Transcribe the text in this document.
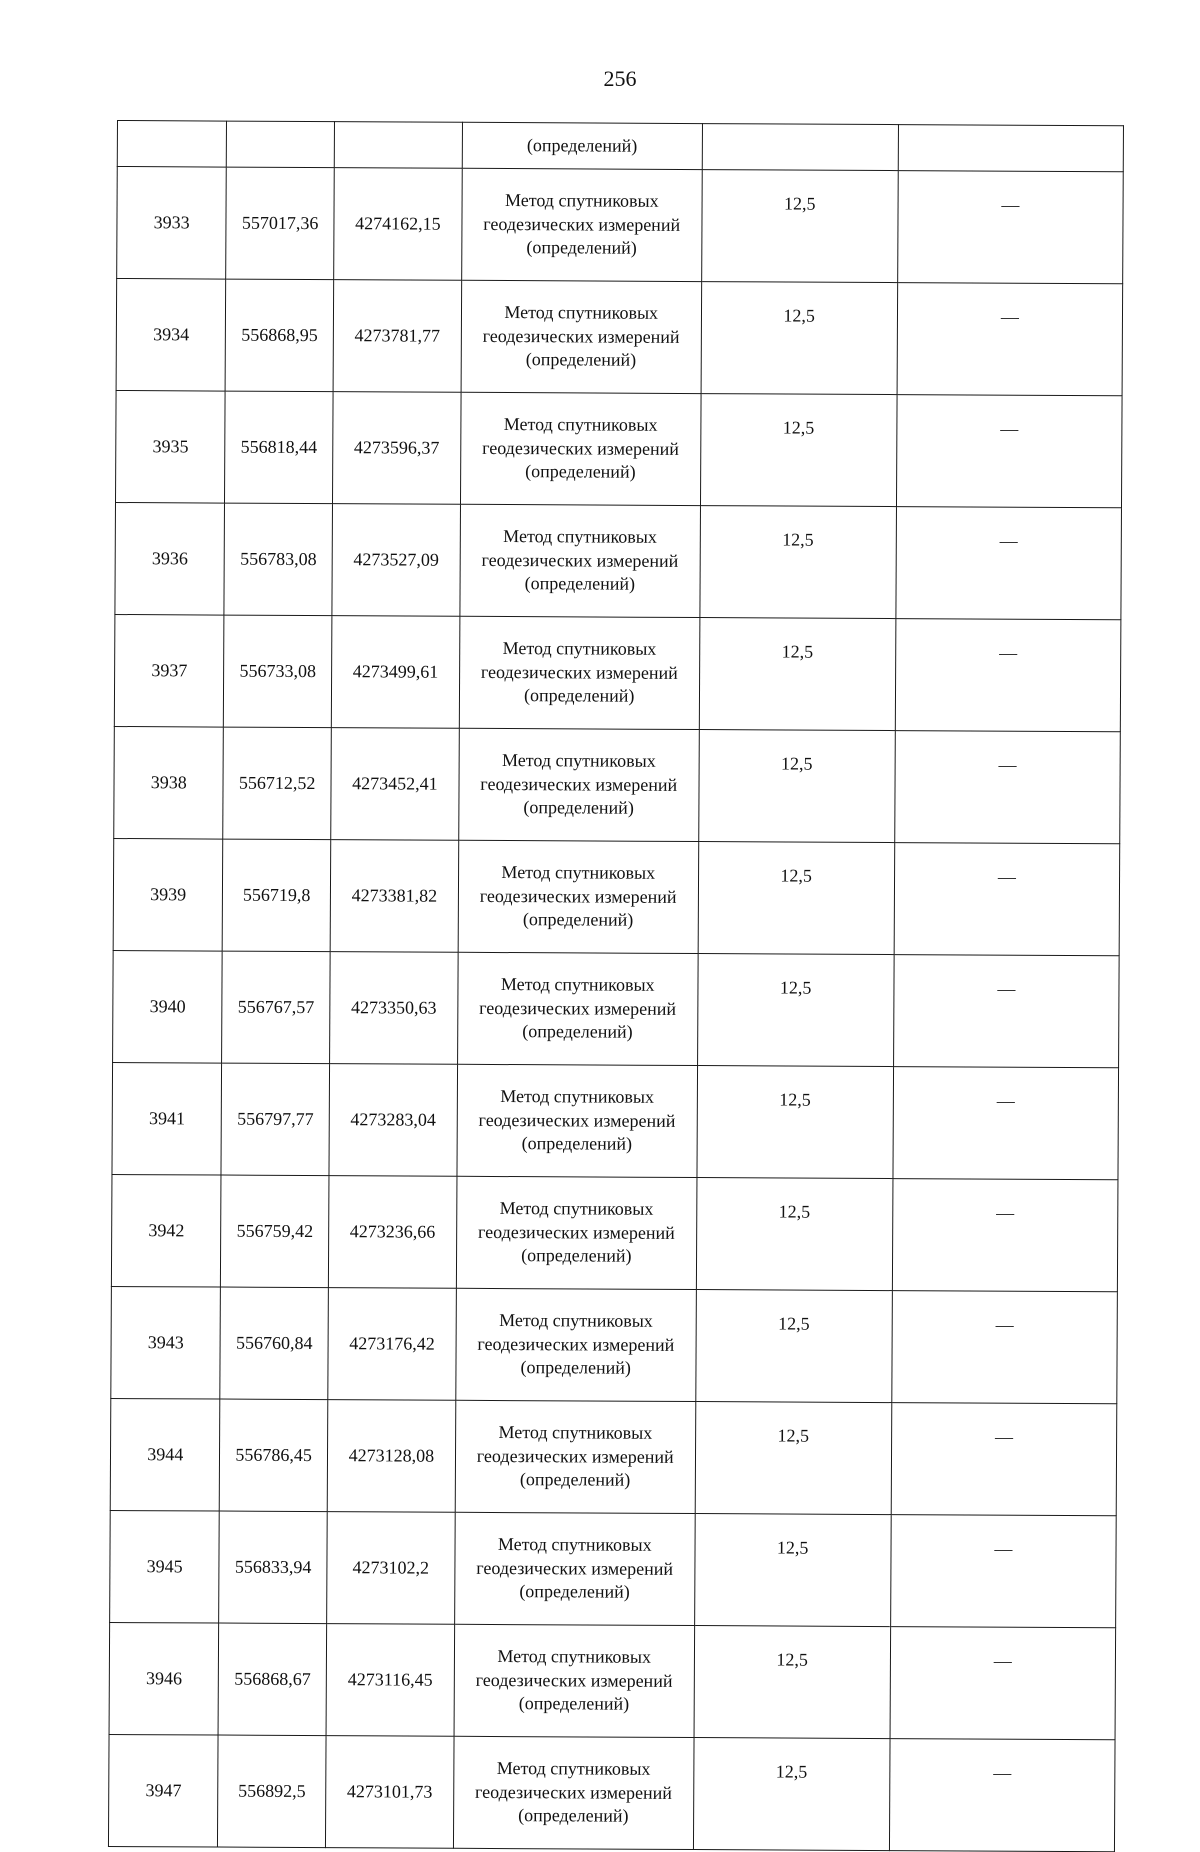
256
			(определений)		
3933	557017,36	4274162,15	Метод спутниковых геодезических измерений (определений)	12,5	—
3934	556868,95	4273781,77	Метод спутниковых геодезических измерений (определений)	12,5	—
3935	556818,44	4273596,37	Метод спутниковых геодезических измерений (определений)	12,5	—
3936	556783,08	4273527,09	Метод спутниковых геодезических измерений (определений)	12,5	—
3937	556733,08	4273499,61	Метод спутниковых геодезических измерений (определений)	12,5	—
3938	556712,52	4273452,41	Метод спутниковых геодезических измерений (определений)	12,5	—
3939	556719,8	4273381,82	Метод спутниковых геодезических измерений (определений)	12,5	—
3940	556767,57	4273350,63	Метод спутниковых геодезических измерений (определений)	12,5	—
3941	556797,77	4273283,04	Метод спутниковых геодезических измерений (определений)	12,5	—
3942	556759,42	4273236,66	Метод спутниковых геодезических измерений (определений)	12,5	—
3943	556760,84	4273176,42	Метод спутниковых геодезических измерений (определений)	12,5	—
3944	556786,45	4273128,08	Метод спутниковых геодезических измерений (определений)	12,5	—
3945	556833,94	4273102,2	Метод спутниковых геодезических измерений (определений)	12,5	—
3946	556868,67	4273116,45	Метод спутниковых геодезических измерений (определений)	12,5	—
3947	556892,5	4273101,73	Метод спутниковых геодезических измерений (определений)	12,5	—
